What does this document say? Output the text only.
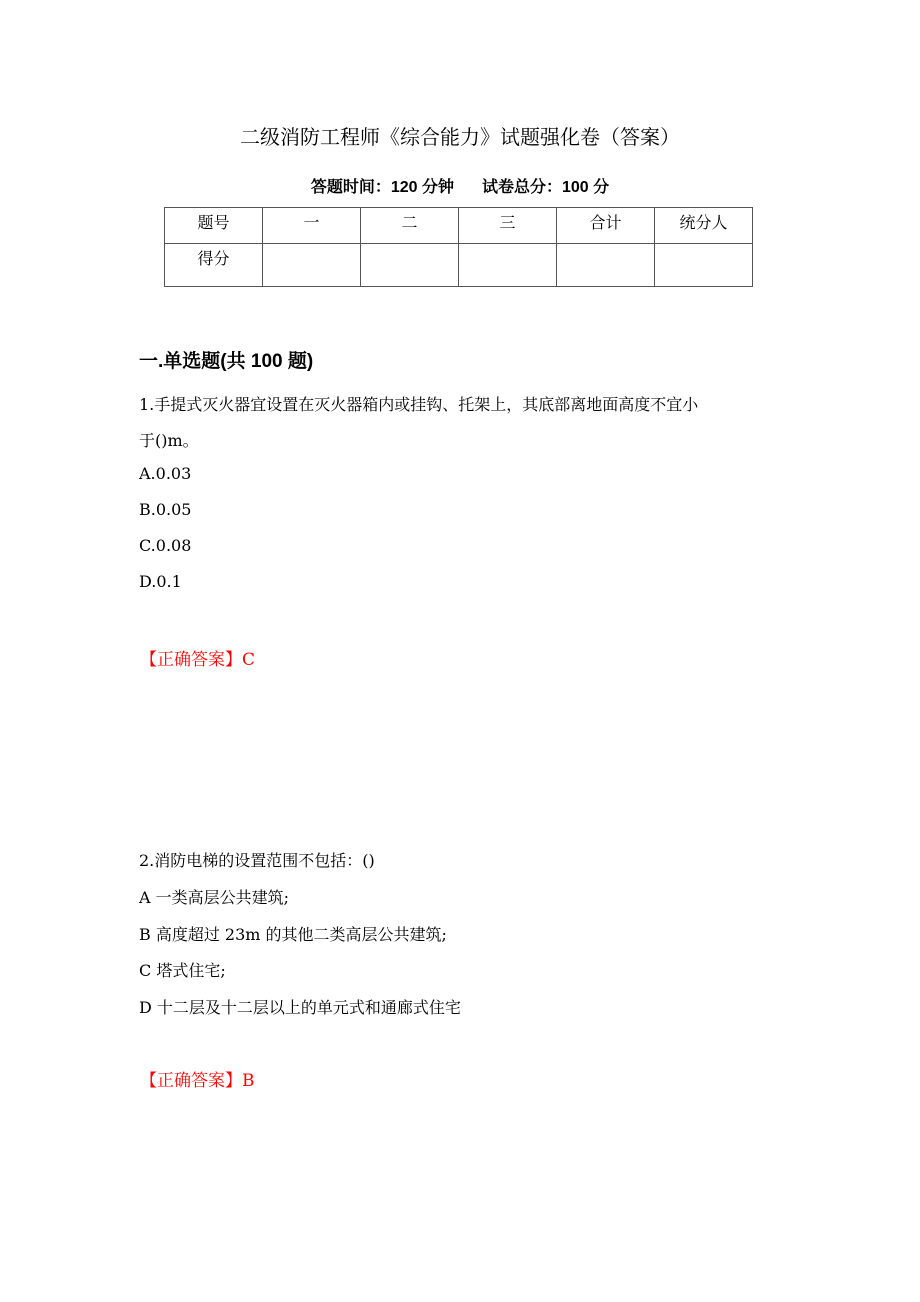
二级消防工程师《综合能力》试题强化卷（答案）
答题时间：120 分钟 试卷总分：100 分
题号	一	二	三	合计	统分人
得分					
一.单选题(共 100 题)
1.手提式灭火器宜设置在灭火器箱内或挂钩、托架上，其底部离地面高度不宜小
于()m。
A.0.03
B.0.05
C.0.08
D.0.1
【正确答案】C
2.消防电梯的设置范围不包括：()
A 一类高层公共建筑;
B 高度超过 23m 的其他二类高层公共建筑;
C 塔式住宅;
D 十二层及十二层以上的单元式和通廊式住宅
【正确答案】B
